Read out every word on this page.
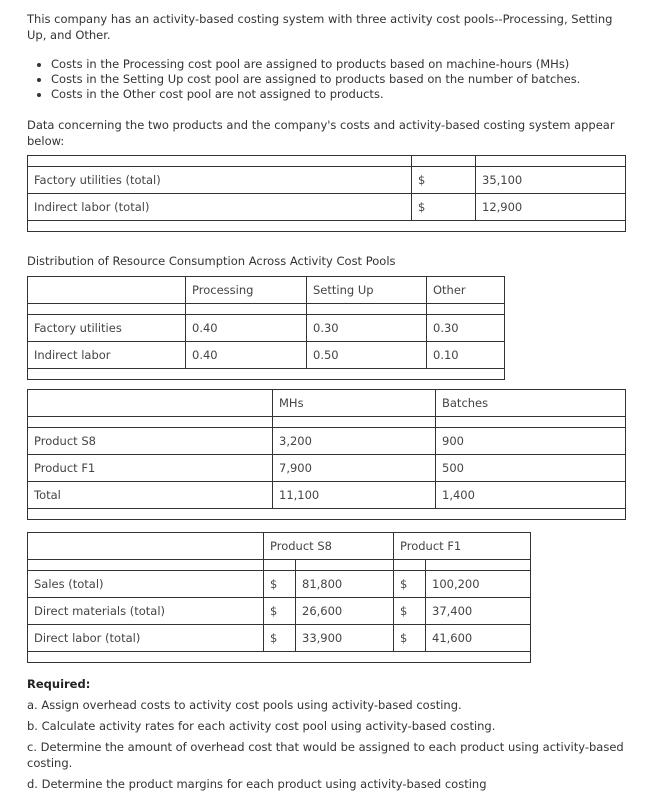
This company has an activity-based costing system with three activity cost pools--Processing, Setting Up, and Other.

• Costs in the Processing cost pool are assigned to products based on machine-hours (MHs)
• Costs in the Setting Up cost pool are assigned to products based on the number of batches.
• Costs in the Other cost pool are not assigned to products.

Data concerning the two products and the company's costs and activity-based costing system appear below:

Factory utilities (total)	$	35,100
Indirect labor (total)	$	12,900

Distribution of Resource Consumption Across Activity Cost Pools

	Processing	Setting Up	Other

Factory utilities	0.40	0.30	0.30
Indirect labor	0.40	0.50	0.10

	MHs	Batches

Product S8	3,200	900
Product F1	7,900	500
Total	11,100	1,400

	Product S8		Product F1	

Sales (total)	$	81,800	$	100,200
Direct materials (total)	$	26,600	$	37,400
Direct labor (total)	$	33,900	$	41,600

Required:

a. Assign overhead costs to activity cost pools using activity-based costing.

b. Calculate activity rates for each activity cost pool using activity-based costing.

c. Determine the amount of overhead cost that would be assigned to each product using activity-based costing.

d. Determine the product margins for each product using activity-based costing
